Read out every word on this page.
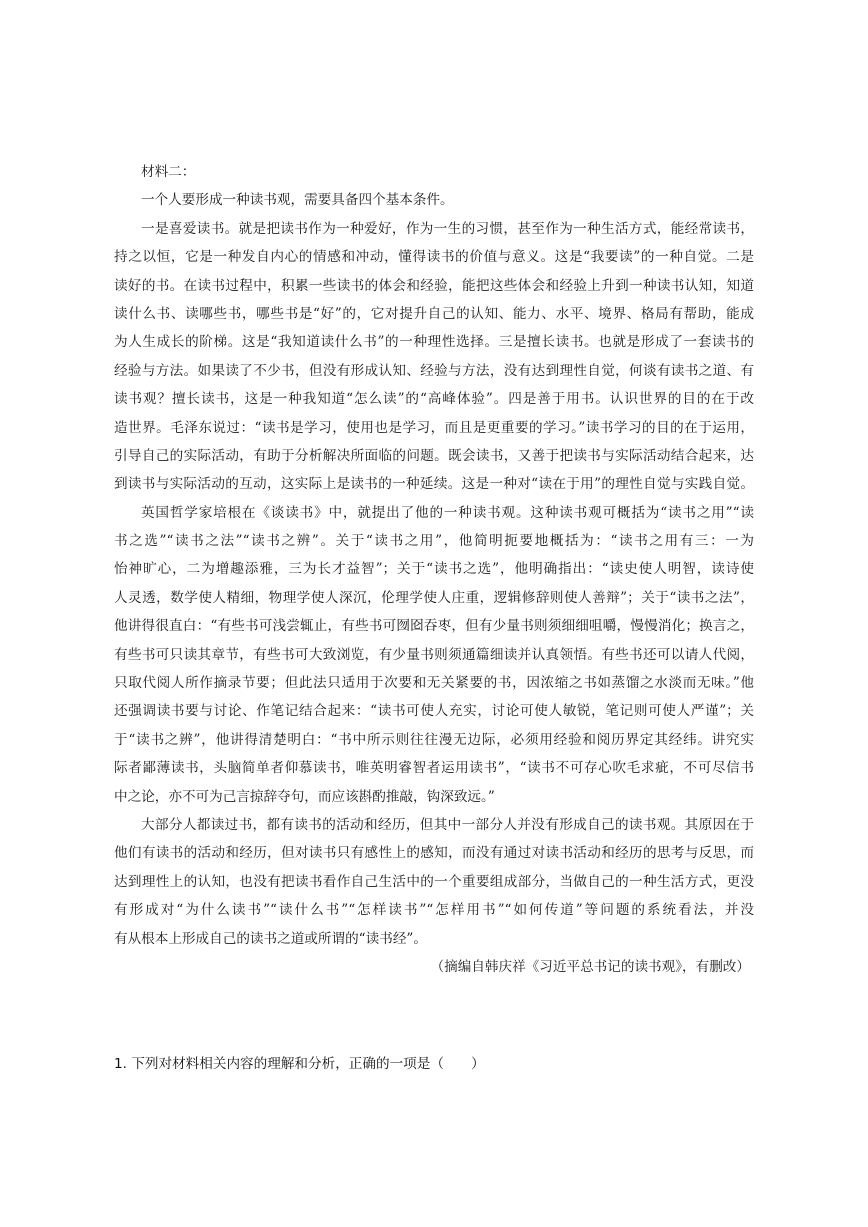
材料二：
一个人要形成一种读书观，需要具备四个基本条件。
一是喜爱读书。就是把读书作为一种爱好，作为一生的习惯，甚至作为一种生活方式，能经常读书，
持之以恒，它是一种发自内心的情感和冲动，懂得读书的价值与意义。这是“我要读”的一种自觉。二是
读好的书。在读书过程中，积累一些读书的体会和经验，能把这些体会和经验上升到一种读书认知，知道
读什么书、读哪些书，哪些书是“好”的，它对提升自己的认知、能力、水平、境界、格局有帮助，能成
为人生成长的阶梯。这是“我知道读什么书”的一种理性选择。三是擅长读书。也就是形成了一套读书的
经验与方法。如果读了不少书，但没有形成认知、经验与方法，没有达到理性自觉，何谈有读书之道、有
读书观？擅长读书，这是一种我知道“怎么读”的“高峰体验”。四是善于用书。认识世界的目的在于改
造世界。毛泽东说过：“读书是学习，使用也是学习，而且是更重要的学习。”读书学习的目的在于运用，
引导自己的实际活动，有助于分析解决所面临的问题。既会读书，又善于把读书与实际活动结合起来，达
到读书与实际活动的互动，这实际上是读书的一种延续。这是一种对“读在于用”的理性自觉与实践自觉。
英国哲学家培根在《谈读书》中，就提出了他的一种读书观。这种读书观可概括为“读书之用”“读
书之选”“读书之法”“读书之辨”。关于“读书之用”，他简明扼要地概括为：“读书之用有三：一为
怡神旷心，二为增趣添雅，三为长才益智”；关于“读书之选”，他明确指出：“读史使人明智，读诗使
人灵透，数学使人精细，物理学使人深沉，伦理学使人庄重，逻辑修辞则使人善辩”；关于“读书之法”，
他讲得很直白：“有些书可浅尝辄止，有些书可囫囵吞枣，但有少量书则须细细咀嚼，慢慢消化；换言之，
有些书可只读其章节，有些书可大致浏览，有少量书则须通篇细读并认真领悟。有些书还可以请人代阅，
只取代阅人所作摘录节要；但此法只适用于次要和无关紧要的书，因浓缩之书如蒸馏之水淡而无味。”他
还强调读书要与讨论、作笔记结合起来：“读书可使人充实，讨论可使人敏锐，笔记则可使人严谨”；关
于“读书之辨”，他讲得清楚明白：“书中所示则往往漫无边际，必须用经验和阅历界定其经纬。讲究实
际者鄙薄读书，头脑简单者仰慕读书，唯英明睿智者运用读书”，“读书不可存心吹毛求疵，不可尽信书
中之论，亦不可为己言掠辞夺句，而应该斟酌推敲，钩深致远。”
大部分人都读过书，都有读书的活动和经历，但其中一部分人并没有形成自己的读书观。其原因在于
他们有读书的活动和经历，但对读书只有感性上的感知，而没有通过对读书活动和经历的思考与反思，而
达到理性上的认知，也没有把读书看作自己生活中的一个重要组成部分，当做自己的一种生活方式，更没
有形成对“为什么读书”“读什么书”“怎样读书”“怎样用书”“如何传道”等问题的系统看法，并没
有从根本上形成自己的读书之道或所谓的“读书经”。
（摘编自韩庆祥《习近平总书记的读书观》，有删改）
1. 下列对材料相关内容的理解和分析，正确的一项是（　　）
